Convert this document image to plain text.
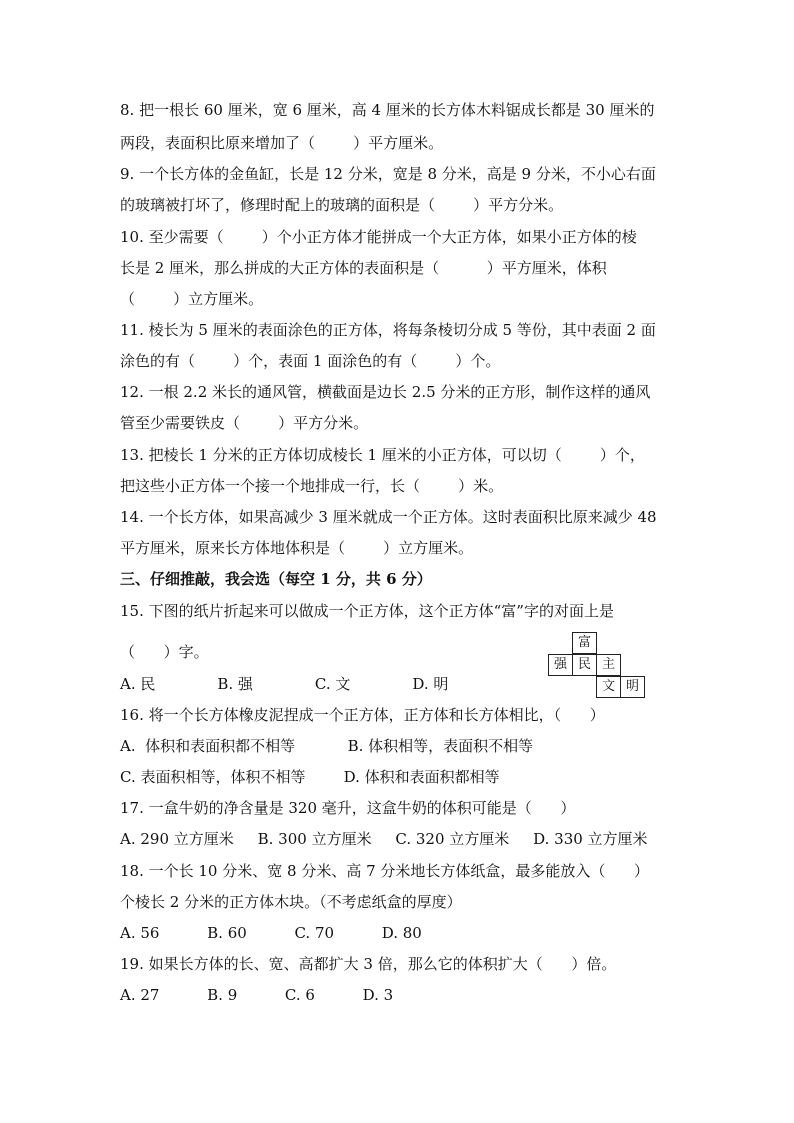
8. 把一根长 60 厘米，宽 6 厘米，高 4 厘米的长方体木料锯成长都是 30 厘米的
两段，表面积比原来增加了（        ）平方厘米。
9. 一个长方体的金鱼缸，长是 12 分米，宽是 8 分米，高是 9 分米，不小心右面
的玻璃被打坏了，修理时配上的玻璃的面积是（        ）平方分米。
10. 至少需要（        ）个小正方体才能拼成一个大正方体，如果小正方体的棱
长是 2 厘米，那么拼成的大正方体的表面积是（          ）平方厘米，体积
（        ）立方厘米。
11. 棱长为 5 厘米的表面涂色的正方体，将每条棱切分成 5 等份，其中表面 2 面
涂色的有（        ）个，表面 1 面涂色的有（        ）个。
12. 一根 2.2 米长的通风管，横截面是边长 2.5 分米的正方形，制作这样的通风
管至少需要铁皮（        ）平方分米。
13. 把棱长 1 分米的正方体切成棱长 1 厘米的小正方体，可以切（        ）个，
把这些小正方体一个接一个地排成一行，长（        ）米。
14. 一个长方体，如果高减少 3 厘米就成一个正方体。这时表面积比原来减少 48
平方厘米，原来长方体地体积是（        ）立方厘米。
三、仔细推敲，我会选（每空 1 分，共 6 分）
15. 下图的纸片折起来可以做成一个正方体，这个正方体“富”字的对面上是
（      ）字。
A. 民             B. 强             C. 文             D. 明
16. 将一个长方体橡皮泥捏成一个正方体，正方体和长方体相比，（      ）
A.  体积和表面积都不相等           B. 体积相等，表面积不相等
C. 表面积相等，体积不相等        D. 体积和表面积都相等
17. 一盒牛奶的净含量是 320 毫升，这盒牛奶的体积可能是（      ）
A. 290 立方厘米     B. 300 立方厘米     C. 320 立方厘米     D. 330 立方厘米
18. 一个长 10 分米、宽 8 分米、高 7 分米地长方体纸盒，最多能放入（      ）
个棱长 2 分米的正方体木块。（不考虑纸盒的厚度）
A. 56          B. 60          C. 70          D. 80
19. 如果长方体的长、宽、高都扩大 3 倍，那么它的体积扩大（      ）倍。
A. 27          B. 9          C. 6          D. 3
富
强 民 主
文 明
